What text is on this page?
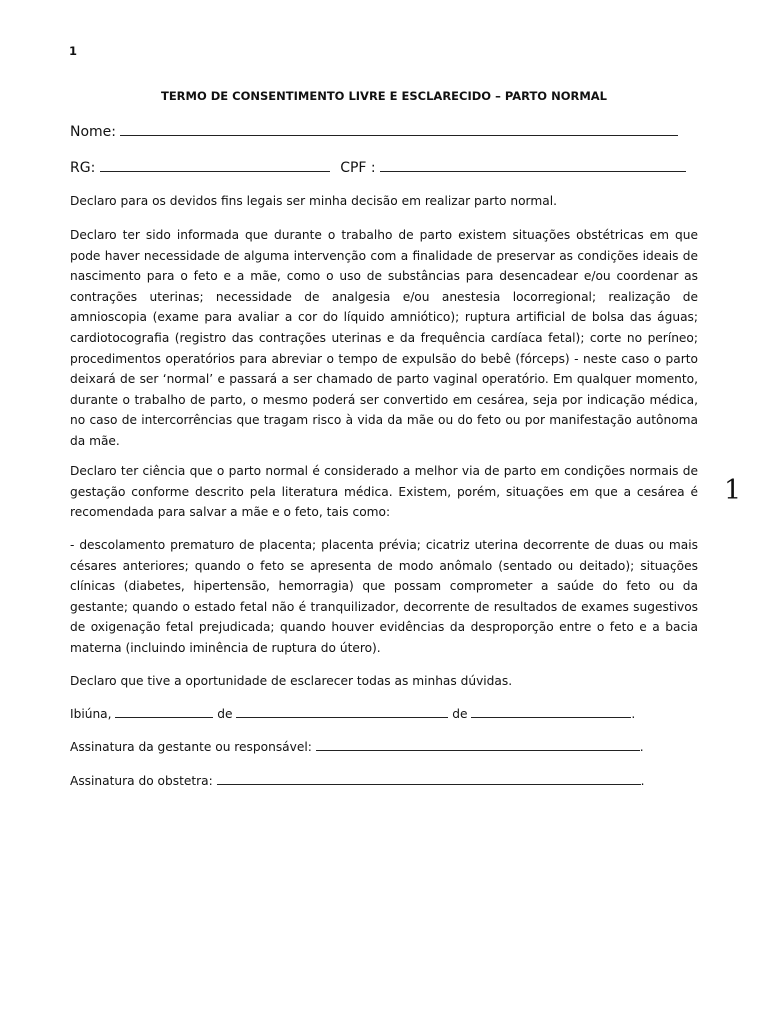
1
1
TERMO DE CONSENTIMENTO LIVRE E ESCLARECIDO – PARTO NORMAL
Nome:
RG:	CPF :

Declaro para os devidos fins legais ser minha decisão em realizar parto normal.

Declaro ter sido informada que durante o trabalho de parto existem situações obstétricas em que pode haver necessidade de alguma intervenção com a finalidade de preservar as condições ideais de nascimento para o feto e a mãe, como o uso de substâncias para desencadear e/ou coordenar as contrações uterinas; necessidade de analgesia e/ou anestesia locorregional; realização de amnioscopia (exame para avaliar a cor do líquido amniótico); ruptura artificial de bolsa das águas; cardiotocografia (registro das contrações uterinas e da frequência cardíaca fetal); corte no períneo; procedimentos operatórios para abreviar o tempo de expulsão do bebê (fórceps) - neste caso o parto deixará de ser ‘normal’ e passará a ser chamado de parto vaginal operatório. Em qualquer momento, durante o trabalho de parto, o mesmo poderá ser convertido em cesárea, seja por indicação médica, no caso de intercorrências que tragam risco à vida da mãe ou do feto ou por manifestação autônoma da mãe.

Declaro ter ciência que o parto normal é considerado a melhor via de parto em condições normais de gestação conforme descrito pela literatura médica. Existem, porém, situações em que a cesárea é recomendada para salvar a mãe e o feto, tais como:

- descolamento prematuro de placenta; placenta prévia; cicatriz uterina decorrente de duas ou mais césares anteriores; quando o feto se apresenta de modo anômalo (sentado ou deitado); situações clínicas (diabetes, hipertensão, hemorragia) que possam comprometer a saúde do feto ou da gestante; quando o estado fetal não é tranquilizador, decorrente de resultados de exames sugestivos de oxigenação fetal prejudicada; quando houver evidências da desproporção entre o feto e a bacia materna (incluindo iminência de ruptura do útero).

Declaro que tive a oportunidade de esclarecer todas as minhas dúvidas.

Ibiúna,	de	de	.
Assinatura da gestante ou responsável:	.
Assinatura do obstetra:	.
